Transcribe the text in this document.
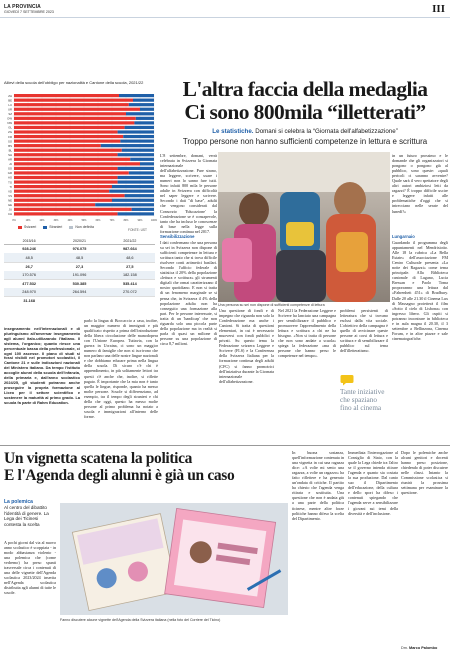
LA PROVINCIA
GIOVEDÌ 7 SETTEMBRE 2023	III
Allievi della scuola dell'obbligo per nazionalità e Cantone della scuola, 2021/22
ZH
BE
LU
UR
SZ
OW
NW
GL
ZG
FR
SO
BS
BL
SH
AR
AI
SG
GR
AG
TG
TI
VD
VS
NE
GE
JU
CH
0%	10%	20%	30%	40%	50%	60%	70%	80%	90%	100%
Svizzeri	Stranieri	Non definita
FONTE: UST
	2015/16	2020/21	2021/22
	928.246	976.075	987.664
	48,5	48,5	48,6
	26,7	27,3	27,5
	170.576	191.096	182.158
	477.532	530.385	535.414
	248.970	264.594	270.072
	31.168		
insegnamento nell'internazionali e di pluringuismo all'avversar insegnamento agli alunni italo-utilizzando l'italiano. Il sistema, l'organico; quanto riesce una percentuale bassa della professionale, ci ogni 100 ascesse. Il piano di studi si fossi visibili nel promotori scolastici, il Cantone 21 e sulle indicazioni nazionali del Ministero italiano. Da tempo l'istituto accoglie alunni della scuola dell'infanzia, della primaria e, dall'anno scolastico 2024/25, gli studenti potranno anche proseguire la propria formazione al Liceo per il settore scientifico e sostenere la maturità al primo grado. La scuola fa parte di Rahm Education.
parlo la lingua di Boccaccio a casa, inoltre, un maggior numero di immigrati e più qualificato rispetto a prima dell'introduzione della libera circolazione delle manodopera con l'Unione Europea. Tuttavia, con la guerra in Ucraina, ci sono un maggior numero di famiglie che non si iscrivono che non parlano una delle nostre lingue nazionali e che dobbiamo educare prima nella lingua della scuola. Di sicuro c'è chi è apprendimento, in più solitamente lettori tra questi c'è anche che, inoltre, si riflette pagato. È importante che la mia non è tanto quella le lingue, risponde, quanto ha messo molte persone. Scuole si differenziano, ad esempio, tra il tempo degli stranieri e chi della che oggi, questo ha messo molte persone al primo problema ha notato a scuola e immigrazioni all'interno delle forme.
L'altra faccia della medaglia
Ci sono 800mila “illetterati”
Le statistiche. Domani si celebra la “Giornata dell'alfabetizzazione”
Troppo persone non hanno sufficienti competenze in lettura e scrittura
L'8 settembre, domani, verrà celebrata in Svizzera la Giornata internazionale dell'alfabetizzazione. Pare strano, ma leggere, scrivere, usare i numeri non lo sanno fare tutti. Sono infatti 800 mila le persone adulte in Svizzera con difficoltà nel saper leggere e scrivere. Secondo i dati "di base", adulti che vengono considerati dal Consorzio 'Educazione' la Confederazione se è consapevole, tanto che ha incluso le conoscenze di base nella legge sulla formazione continua nel 2017.
Sensibilizzazione
I dati confermano che una persona su sei in Svizzera non dispone di sufficienti competenze in lettura e scrittura tanto che si trova difficile risolvere conti aritmetici basilari. Secondo l'ufficio federale di statistica il 20% della popolazione «lettura e scrittura» gli strumenti digitali che ormai caratterizzano il nostro quotidiano. E non si tratta di un fenomeno marginale se si pensa che, in Svizzera il 4% della popolazione adulta non ha conseguito una formazione alla pari. Per le persone interessate, si tratta di un 'handicap' che non riguarda solo una piccola parte della popolazione ma in realtà si parla di quasi un milione di persone su una popolazione di circa 8,7 milioni.
Una questione di fondi e di impegno che riguarda non solo la Confederazione ma anche i Cantoni. Si tratta di questioni elementari, in cui è necessario muoversi con fondi pubblici e privati. Su questo tema la Federazione svizzera Leggere e Scrivere (FLS) e la Conferenza della Svizzera Italiana per la formazione continua degli adulti (CFC) si fanno promotrici dell'iniziativa durante la Giornata internazionale dell'alfabetizzazione.
Nel 2021 la Federazione Leggere e Scrivere ha lanciato una campagna per sensibilizzare il pubblico e promuovere l'apprendimento della lettura e scrittura a chi ne ha bisogno. «Non si tratta di persone che non sono andate a scuola» spiega la federazione «ma di persone che hanno perso le competenze nel tempo».
problemi persistenti di letteratura che si trovano esclusi dalla vita sociale. L'obiettivo della campagna è quello di avvicinare queste persone ai corsi di lettura e scrittura e di sensibilizzare il pubblico sul tema dell'illetteratismo.
in un futuro prossimo e le domande che gli organizzatori si pongono o pongono già al pubblico, sono queste: «quali pericoli ci saranno avvenire? Quale sarà il vero spettatore degli altri autori ambiziosi letti da ragazzi? È troppo difficile uscire e leggere infatti alle problematiche d'oggi che si intrecciano nelle serate del lunedì?»
Lungarnaio
Guardando il programma degli appuntamenti nel Mendrisiotto. Alle 18 la rubrica «La Bella Estate» dell'associazione FM Centro Culturale presenta «La notte dei Ragazzi» come tema principale. Alla Biblioteca cantonale di Lugano, Lucia Bressan e Paolo Toma proporranno una lettura dal «Fahrenheit 451» di Bradbury. Dalle 20 alle 21.30 il Cinema Lux di Massagno proietterà il film «Sotto il cielo di Lisbona» con ingresso libero. Gli ospiti si potranno incontrare in biblioteca e in aula magna il 20.30, il 3 settembre a Bellinzona, Cinema Forum, e in altre piazze e sale cinematografiche.
Una persona su sei non dispone di sufficienti competenze di lettura
Tante iniziative che spaziano fino al cinema
Un vignetta scatena la politica
E l'Agenda degli alunni è già un caso
La polemica
Al centro del dibattito l'identità di genere. La Lega dei Ticinesi contesta la scelta
A pochi giorni dal via al nuovo anno scolastico è scoppiata - in modo abbastanza violento - una polemica che (come vedremo) ha preso spunti trasversale circa i contenuti di una delle vignette dell'Agenda scolastica 2023/2024 inserita nell'Agenda scolastica distribuita agli alunni di tutte le scuole.
Fanno discutere alcune vignette dell'Agenda della Svizzera italiana (nella foto del Corriere del Ticino)
In buona sostanza, quell'informazione contenuta in una vignetta in cui una ragazza dice: «A volte mi sento una ragazza, a volte un ragazzo» ha fatto riflettere e ha generato un'ondata di critiche. Il partito ha chiesto che l'agenda venga ritirata e sostituita. Una questione che non è andata giù a una parte della politica ticinese, mentre altre forze politiche hanno difeso la scelta del Dipartimento.
Immediata l'interrogazione al Consiglio di Stato, con la quale la Lega chiede tra l'altro se il governo intenda ritirare l'agenda e quanto sia costata la sua produzione. Dal canto suo il Dipartimento dell'educazione, della cultura e dello sport ha difeso i contenuti spiegando che l'agenda serve a sensibilizzare i giovani sui temi della diversità e dell'inclusione.
Dopo le polemiche anche alcuni genitori e docenti hanno preso posizione, chiedendo di poter discutere nelle classi. Intanto la Commissione scolastica si riunirà la prossima settimana per esaminare la questione.
Dm. Marco Palombo
